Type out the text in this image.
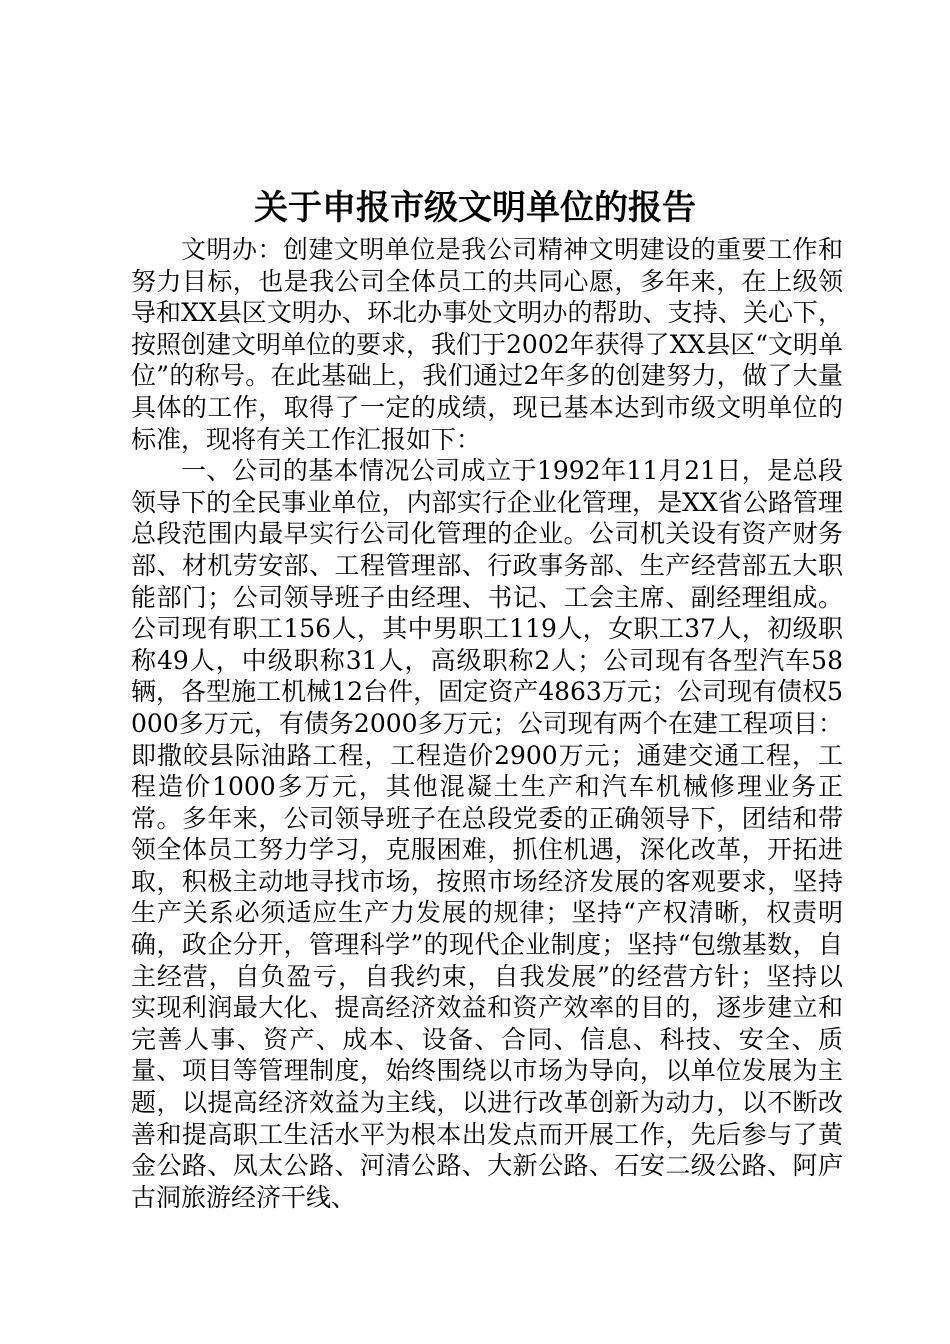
关于申报市级文明单位的报告

文明办：创建文明单位是我公司精神文明建设的重要工作和努力目标，也是我公司全体员工的共同心愿，多年来，在上级领导和XX县区文明办、环北办事处文明办的帮助、支持、关心下，按照创建文明单位的要求，我们于2002年获得了XX县区“文明单位”的称号。在此基础上，我们通过2年多的创建努力，做了大量具体的工作，取得了一定的成绩，现已基本达到市级文明单位的标准，现将有关工作汇报如下：

一、公司的基本情况公司成立于1992年11月21日，是总段领导下的全民事业单位，内部实行企业化管理，是XX省公路管理总段范围内最早实行公司化管理的企业。公司机关设有资产财务部、材机劳安部、工程管理部、行政事务部、生产经营部五大职能部门；公司领导班子由经理、书记、工会主席、副经理组成。公司现有职工156人，其中男职工119人，女职工37人，初级职称49人，中级职称31人，高级职称2人；公司现有各型汽车58辆，各型施工机械12台件，固定资产4863万元；公司现有债权5000多万元，有债务2000多万元；公司现有两个在建工程项目：即撒皎县际油路工程，工程造价2900万元；通建交通工程，工程造价1000多万元，其他混凝土生产和汽车机械修理业务正常。多年来，公司领导班子在总段党委的正确领导下，团结和带领全体员工努力学习，克服困难，抓住机遇，深化改革，开拓进取，积极主动地寻找市场，按照市场经济发展的客观要求，坚持生产关系必须适应生产力发展的规律；坚持“产权清晰，权责明确，政企分开，管理科学”的现代企业制度；坚持“包缴基数，自主经营，自负盈亏，自我约束，自我发展”的经营方针；坚持以实现利润最大化、提高经济效益和资产效率的目的，逐步建立和完善人事、资产、成本、设备、合同、信息、科技、安全、质量、项目等管理制度，始终围绕以市场为导向，以单位发展为主题，以提高经济效益为主线，以进行改革创新为动力，以不断改善和提高职工生活水平为根本出发点而开展工作，先后参与了黄金公路、凤太公路、河清公路、大新公路、石安二级公路、阿庐古洞旅游经济干线、
